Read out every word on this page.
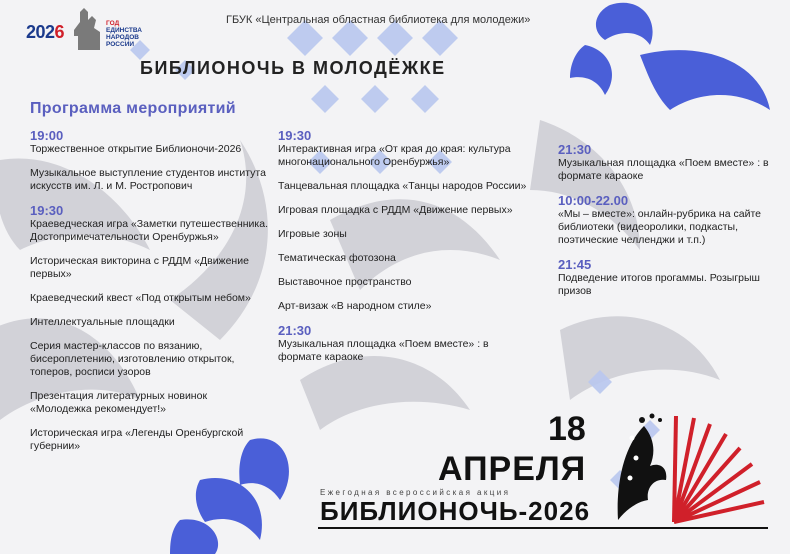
2026	ГОД
ЕДИНСТВА
НАРОДОВ
РОССИИ
ГБУК «Центральная областная библиотека для молодежи»
БИБЛИОНОЧЬ В МОЛОДЁЖКЕ
Программа мероприятий
19:00
Торжественное открытие Библионочи-2026
Музыкальное выступление студентов института искусств им. Л. и М. Ростропович
19:30
Краеведческая игра «Заметки путешественника. Достопримечательности Оренбуржья»
Историческая викторина с РДДМ «Движение первых»
Краеведческий квест «Под открытым небом»
Интеллектуальные площадки
Серия мастер-классов по вязанию, бисероплетению, изготовлению открыток, топеров, росписи узоров
Презентация литературных новинок «Молодежка рекомендует!»
Историческая игра «Легенды Оренбургской губернии»
19:30
Интерактивная игра «От края до края: культура многонационального Оренбуржья»
Танцевальная площадка «Танцы народов России»
Игровая площадка с РДДМ «Движение первых»
Игровые зоны
Тематическая фотозона
Выставочное пространство
Арт-визаж «В народном стиле»
21:30
Музыкальная площадка «Поем вместе» : в формате караоке
21:30
Музыкальная площадка «Поем вместе» : в формате караоке
10:00-22.00
«Мы – вместе»: онлайн-рубрика на сайте библиотеки (видеоролики, подкасты, поэтические челленджи и т.п.)
21:45
Подведение итогов прогаммы. Розыгрыш призов
18
АПРЕЛЯ
Ежегодная всероссийская акция
БИБЛИОНОЧЬ-2026
